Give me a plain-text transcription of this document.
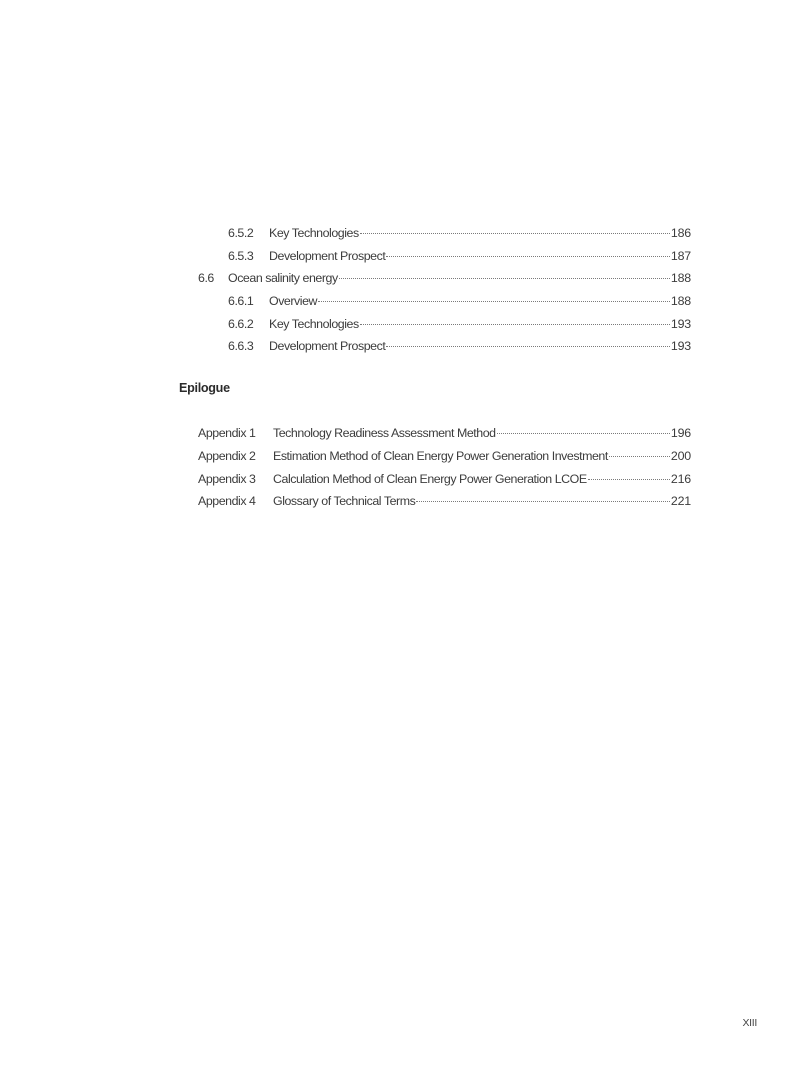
6.5.2	Key Technologies	186
6.5.3	Development Prospect	187
6.6	Ocean salinity energy	188
6.6.1	Overview	188
6.6.2	Key Technologies	193
6.6.3	Development Prospect	193
Epilogue
Appendix 1	Technology Readiness Assessment Method	196
Appendix 2	Estimation Method of Clean Energy Power Generation Investment	200
Appendix 3	Calculation Method of Clean Energy Power Generation LCOE	216
Appendix 4	Glossary of Technical Terms	221
XIII
